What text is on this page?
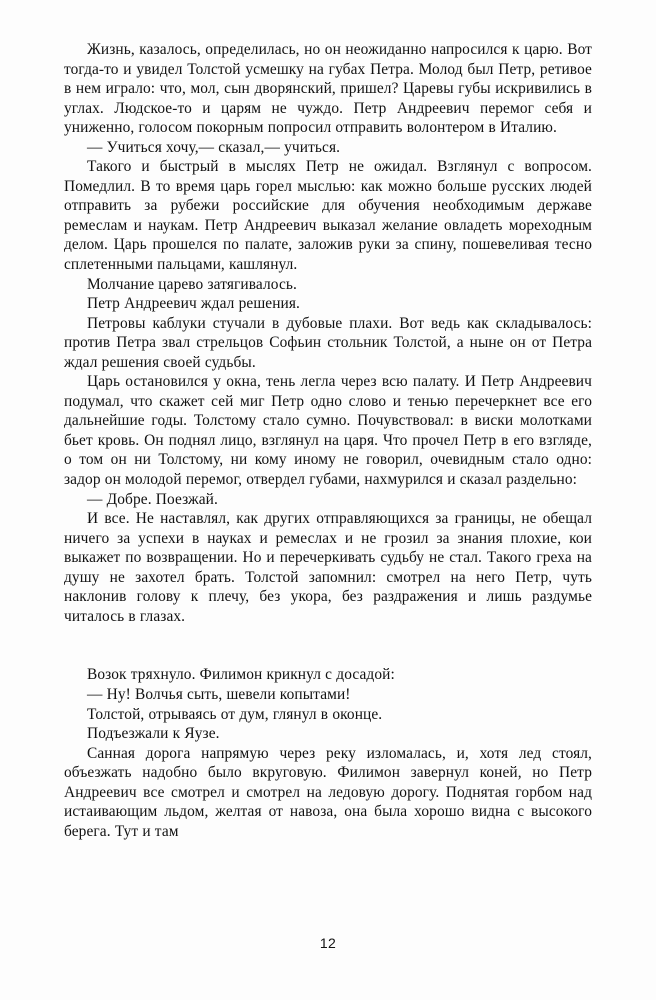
Жизнь, казалось, определилась, но он неожиданно напросился к царю. Вот тогда-то и увидел Толстой усмешку на губах Петра. Молод был Петр, ретивое в нем играло: что, мол, сын дворянский, пришел? Царевы губы искривились в углах. Людское-то и царям не чуждо. Петр Андреевич перемог себя и униженно, голосом покорным попросил отправить волонтером в Италию.

— Учиться хочу,— сказал,— учиться.

Такого и быстрый в мыслях Петр не ожидал. Взглянул с вопросом. Помедлил. В то время царь горел мыслью: как можно больше русских людей отправить за рубежи российские для обучения необходимым державе ремеслам и наукам. Петр Андреевич выказал желание овладеть мореходным делом. Царь прошелся по палате, заложив руки за спину, пошевеливая тесно сплетенными пальцами, кашлянул.

Молчание царево затягивалось.

Петр Андреевич ждал решения.

Петровы каблуки стучали в дубовые плахи. Вот ведь как складывалось: против Петра звал стрельцов Софьин стольник Толстой, а ныне он от Петра ждал решения своей судьбы.

Царь остановился у окна, тень легла через всю палату. И Петр Андреевич подумал, что скажет сей миг Петр одно слово и тенью перечеркнет все его дальнейшие годы. Толстому стало сумно. Почувствовал: в виски молотками бьет кровь. Он поднял лицо, взглянул на царя. Что прочел Петр в его взгляде, о том он ни Толстому, ни кому иному не говорил, очевидным стало одно: задор он молодой перемог, отвердел губами, нахмурился и сказал раздельно:

— Добре. Поезжай.

И все. Не наставлял, как других отправляющихся за границы, не обещал ничего за успехи в науках и ремеслах и не грозил за знания плохие, кои выкажет по возвращении. Но и перечеркивать судьбу не стал. Такого греха на душу не захотел брать. Толстой запомнил: смотрел на него Петр, чуть наклонив голову к плечу, без укора, без раздражения и лишь раздумье читалось в глазах.

Возок тряхнуло. Филимон крикнул с досадой:

— Ну! Волчья сыть, шевели копытами!

Толстой, отрываясь от дум, глянул в оконце.

Подъезжали к Яузе.

Санная дорога напрямую через реку изломалась, и, хотя лед стоял, объезжать надобно было вкруговую. Филимон завернул коней, но Петр Андреевич все смотрел и смотрел на ледовую дорогу. Поднятая горбом над истаивающим льдом, желтая от навоза, она была хорошо видна с высокого берега. Тут и там

12
